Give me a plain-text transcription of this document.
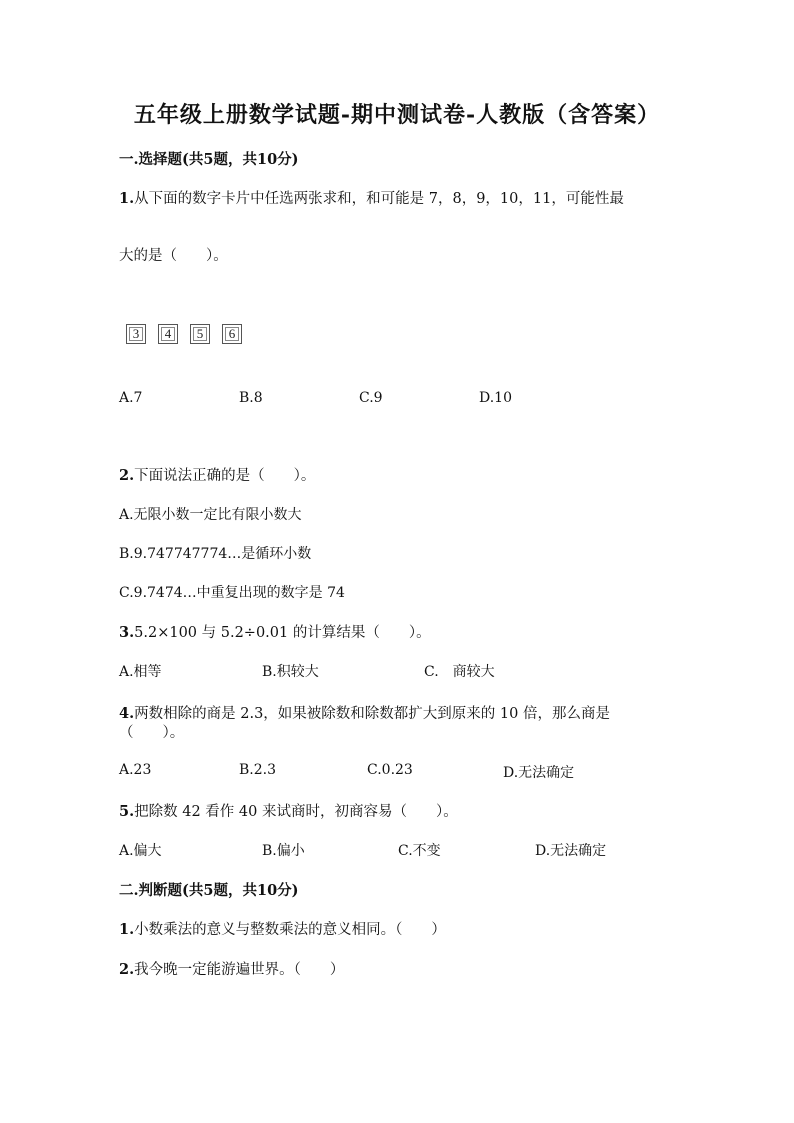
五年级上册数学试题-期中测试卷-人教版（含答案）
一.选择题(共5题，共10分)
1.从下面的数字卡片中任选两张求和，和可能是 7，8，9，10，11，可能性最
大的是（　　）。
3	4	5	6
A.7	B.8	C.9	D.10
2.下面说法正确的是（　　）。
A.无限小数一定比有限小数大
B.9.747747774…是循环小数
C.9.7474…中重复出现的数字是 74
3.5.2×100 与 5.2÷0.01 的计算结果（　　）。
A.相等	B.积较大	C.　商较大
4.两数相除的商是 2.3，如果被除数和除数都扩大到原来的 10 倍，那么商是
（　　）。
A.23	B.2.3	C.0.23	D.无法确定
5.把除数 42 看作 40 来试商时，初商容易（　　）。
A.偏大	B.偏小	C.不变	D.无法确定
二.判断题(共5题，共10分)
1.小数乘法的意义与整数乘法的意义相同。（　　）
2.我今晚一定能游遍世界。（　　）
